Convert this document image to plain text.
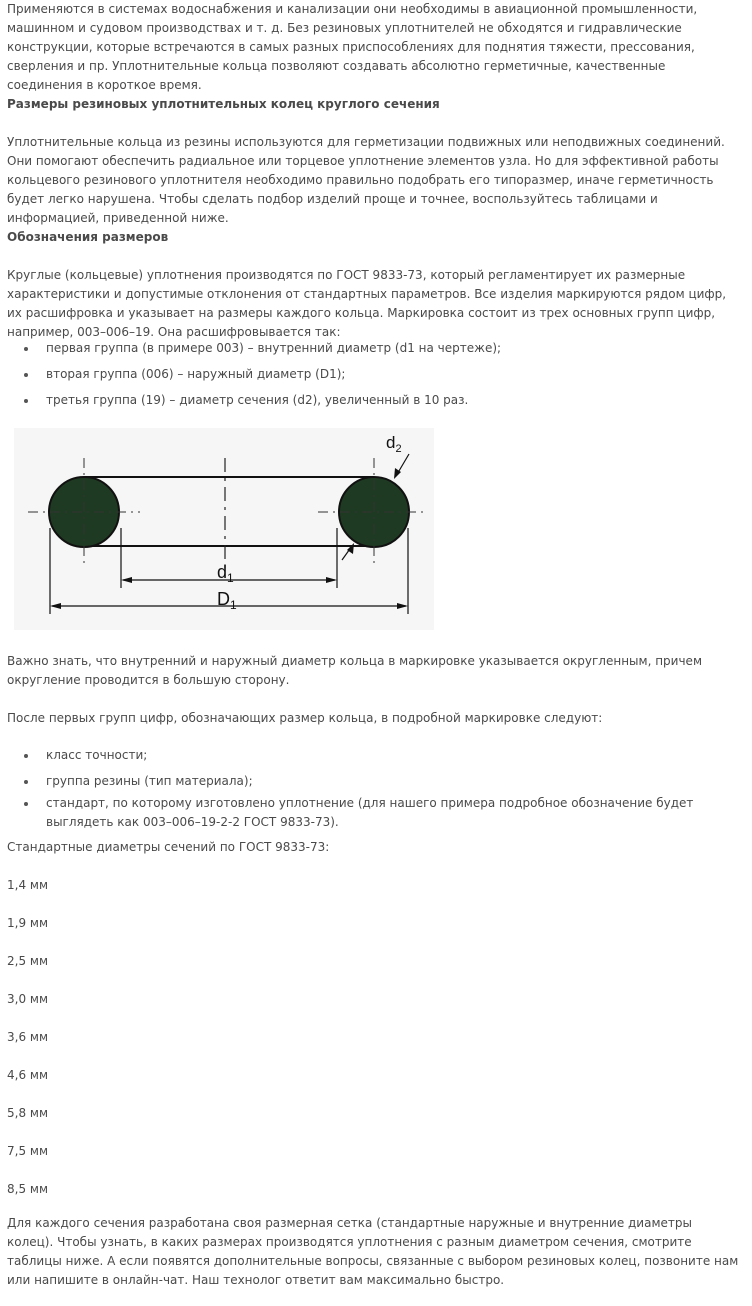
Применяются в системах водоснабжения и канализации они необходимы в авиационной промышленности, машинном и судовом производствах и т. д. Без резиновых уплотнителей не обходятся и гидравлические конструкции, которые встречаются в самых разных приспособлениях для поднятия тяжести, прессования, сверления и пр. Уплотнительные кольца позволяют создавать абсолютно герметичные, качественные соединения в короткое время.

Размеры резиновых уплотнительных колец круглого сечения

Уплотнительные кольца из резины используются для герметизации подвижных или неподвижных соединений. Они помогают обеспечить радиальное или торцевое уплотнение элементов узла. Но для эффективной работы кольцевого резинового уплотнителя необходимо правильно подобрать его типоразмер, иначе герметичность будет легко нарушена. Чтобы сделать подбор изделий проще и точнее, воспользуйтесь таблицами и информацией, приведенной ниже.

Обозначения размеров

Круглые (кольцевые) уплотнения производятся по ГОСТ 9833-73, который регламентирует их размерные характеристики и допустимые отклонения от стандартных параметров. Все изделия маркируются рядом цифр, их расшифровка и указывает на размеры каждого кольца. Маркировка состоит из трех основных групп цифр, например, 003–006–19. Она расшифровывается так:

первая группа (в примере 003) – внутренний диаметр (d1 на чертеже);
вторая группа (006) – наружный диаметр (D1);
третья группа (19) – диаметр сечения (d2), увеличенный в 10 раз.
$d_1$
$D_1$
$d_2$

Важно знать, что внутренний и наружный диаметр кольца в маркировке указывается округленным, причем округление проводится в большую сторону.

После первых групп цифр, обозначающих размер кольца, в подробной маркировке следуют:

класс точности;
группа резины (тип материала);
стандарт, по которому изготовлено уплотнение (для нашего примера подробное обозначение будет выглядеть как 003–006–19-2-2 ГОСТ 9833-73).

Стандартные диаметры сечений по ГОСТ 9833-73:

1,4 мм

1,9 мм

2,5 мм

3,0 мм

3,6 мм

4,6 мм

5,8 мм

7,5 мм

8,5 мм

Для каждого сечения разработана своя размерная сетка (стандартные наружные и внутренние диаметры колец). Чтобы узнать, в каких размерах производятся уплотнения с разным диаметром сечения, смотрите таблицы ниже. А если появятся дополнительные вопросы, связанные с выбором резиновых колец, позвоните нам или напишите в онлайн-чат. Наш технолог ответит вам максимально быстро.
